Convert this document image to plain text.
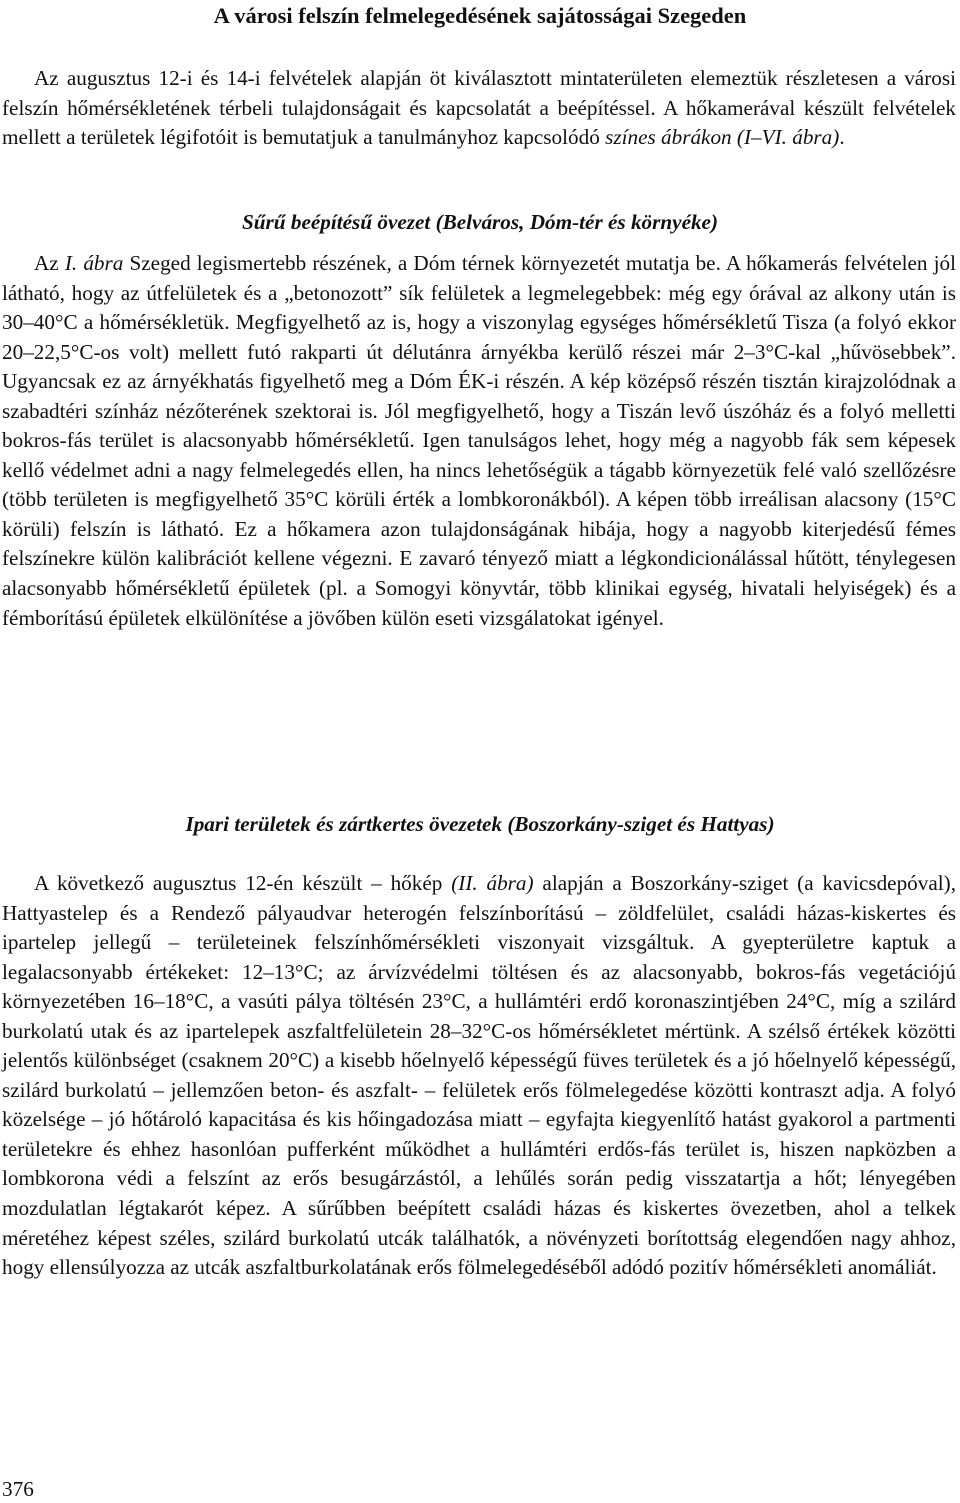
A városi felszín felmelegedésének sajátosságai Szegeden

Az augusztus 12-i és 14-i felvételek alapján öt kiválasztott mintaterületen elemeztük részletesen a városi felszín hőmérsékletének térbeli tulajdonságait és kapcsolatát a beépítéssel. A hőkamerával készült felvételek mellett a területek légifotóit is bemutatjuk a tanulmányhoz kapcsolódó színes ábrákon (I–VI. ábra).

Sűrű beépítésű övezet (Belváros, Dóm-tér és környéke)

Az I. ábra Szeged legismertebb részének, a Dóm térnek környezetét mutatja be. A hőkamerás felvételen jól látható, hogy az útfelületek és a „betonozott” sík felületek a legmelegebbek: még egy órával az alkony után is 30–40°C a hőmérsékletük. Megfigyelhető az is, hogy a viszonylag egységes hőmérsékletű Tisza (a folyó ekkor 20–22,5°C-os volt) mellett futó rakparti út délutánra árnyékba kerülő részei már 2–3°C-kal „hűvösebbek”. Ugyancsak ez az árnyékhatás figyelhető meg a Dóm ÉK-i részén. A kép középső részén tisztán kirajzolódnak a szabadtéri színház nézőterének szektorai is. Jól megfigyelhető, hogy a Tiszán levő úszóház és a folyó melletti bokros-fás terület is alacsonyabb hőmérsékletű. Igen tanulságos lehet, hogy még a nagyobb fák sem képesek kellő védelmet adni a nagy felmelegedés ellen, ha nincs lehetőségük a tágabb környezetük felé való szellőzésre (több területen is megfigyelhető 35°C körüli érték a lombkoronákból). A képen több irreálisan alacsony (15°C körüli) felszín is látható. Ez a hőkamera azon tulajdonságának hibája, hogy a nagyobb kiterjedésű fémes felszínekre külön kalibrációt kellene végezni. E zavaró tényező miatt a légkondicionálással hűtött, ténylegesen alacsonyabb hőmérsékletű épületek (pl. a Somogyi könyvtár, több klinikai egység, hivatali helyiségek) és a fémborítású épületek elkülönítése a jövőben külön eseti vizsgálatokat igényel.

Ipari területek és zártkertes övezetek (Boszorkány-sziget és Hattyas)

A következő augusztus 12-én készült – hőkép (II. ábra) alapján a Boszorkány-sziget (a kavicsdepóval), Hattyastelep és a Rendező pályaudvar heterogén felszínborítású – zöldfelület, családi házas-kiskertes és ipartelep jellegű – területeinek felszínhőmérsékleti viszonyait vizsgáltuk. A gyepterületre kaptuk a legalacsonyabb értékeket: 12–13°C; az árvízvédelmi töltésen és az alacsonyabb, bokros-fás vegetációjú környezetében 16–18°C, a vasúti pálya töltésén 23°C, a hullámtéri erdő koronaszintjében 24°C, míg a szilárd burkolatú utak és az ipartelepek aszfaltfelületein 28–32°C-os hőmérsékletet mértünk. A szélső értékek közötti jelentős különbséget (csaknem 20°C) a kisebb hőelnyelő képességű füves területek és a jó hőelnyelő képességű, szilárd burkolatú – jellemzően beton- és aszfalt- – felületek erős fölmelegedése közötti kontraszt adja. A folyó közelsége – jó hőtároló kapacitása és kis hőingadozása miatt – egyfajta kiegyenlítő hatást gyakorol a partmenti területekre és ehhez hasonlóan pufferként működhet a hullámtéri erdős-fás terület is, hiszen napközben a lombkorona védi a felszínt az erős besugárzástól, a lehűlés során pedig visszatartja a hőt; lényegében mozdulatlan légtakarót képez. A sűrűbben beépített családi házas és kiskertes övezetben, ahol a telkek méretéhez képest széles, szilárd burkolatú utcák találhatók, a növényzeti borítottság elegendően nagy ahhoz, hogy ellensúlyozza az utcák aszfaltburkolatának erős fölmelegedéséből adódó pozitív hőmérsékleti anomáliát.

376
